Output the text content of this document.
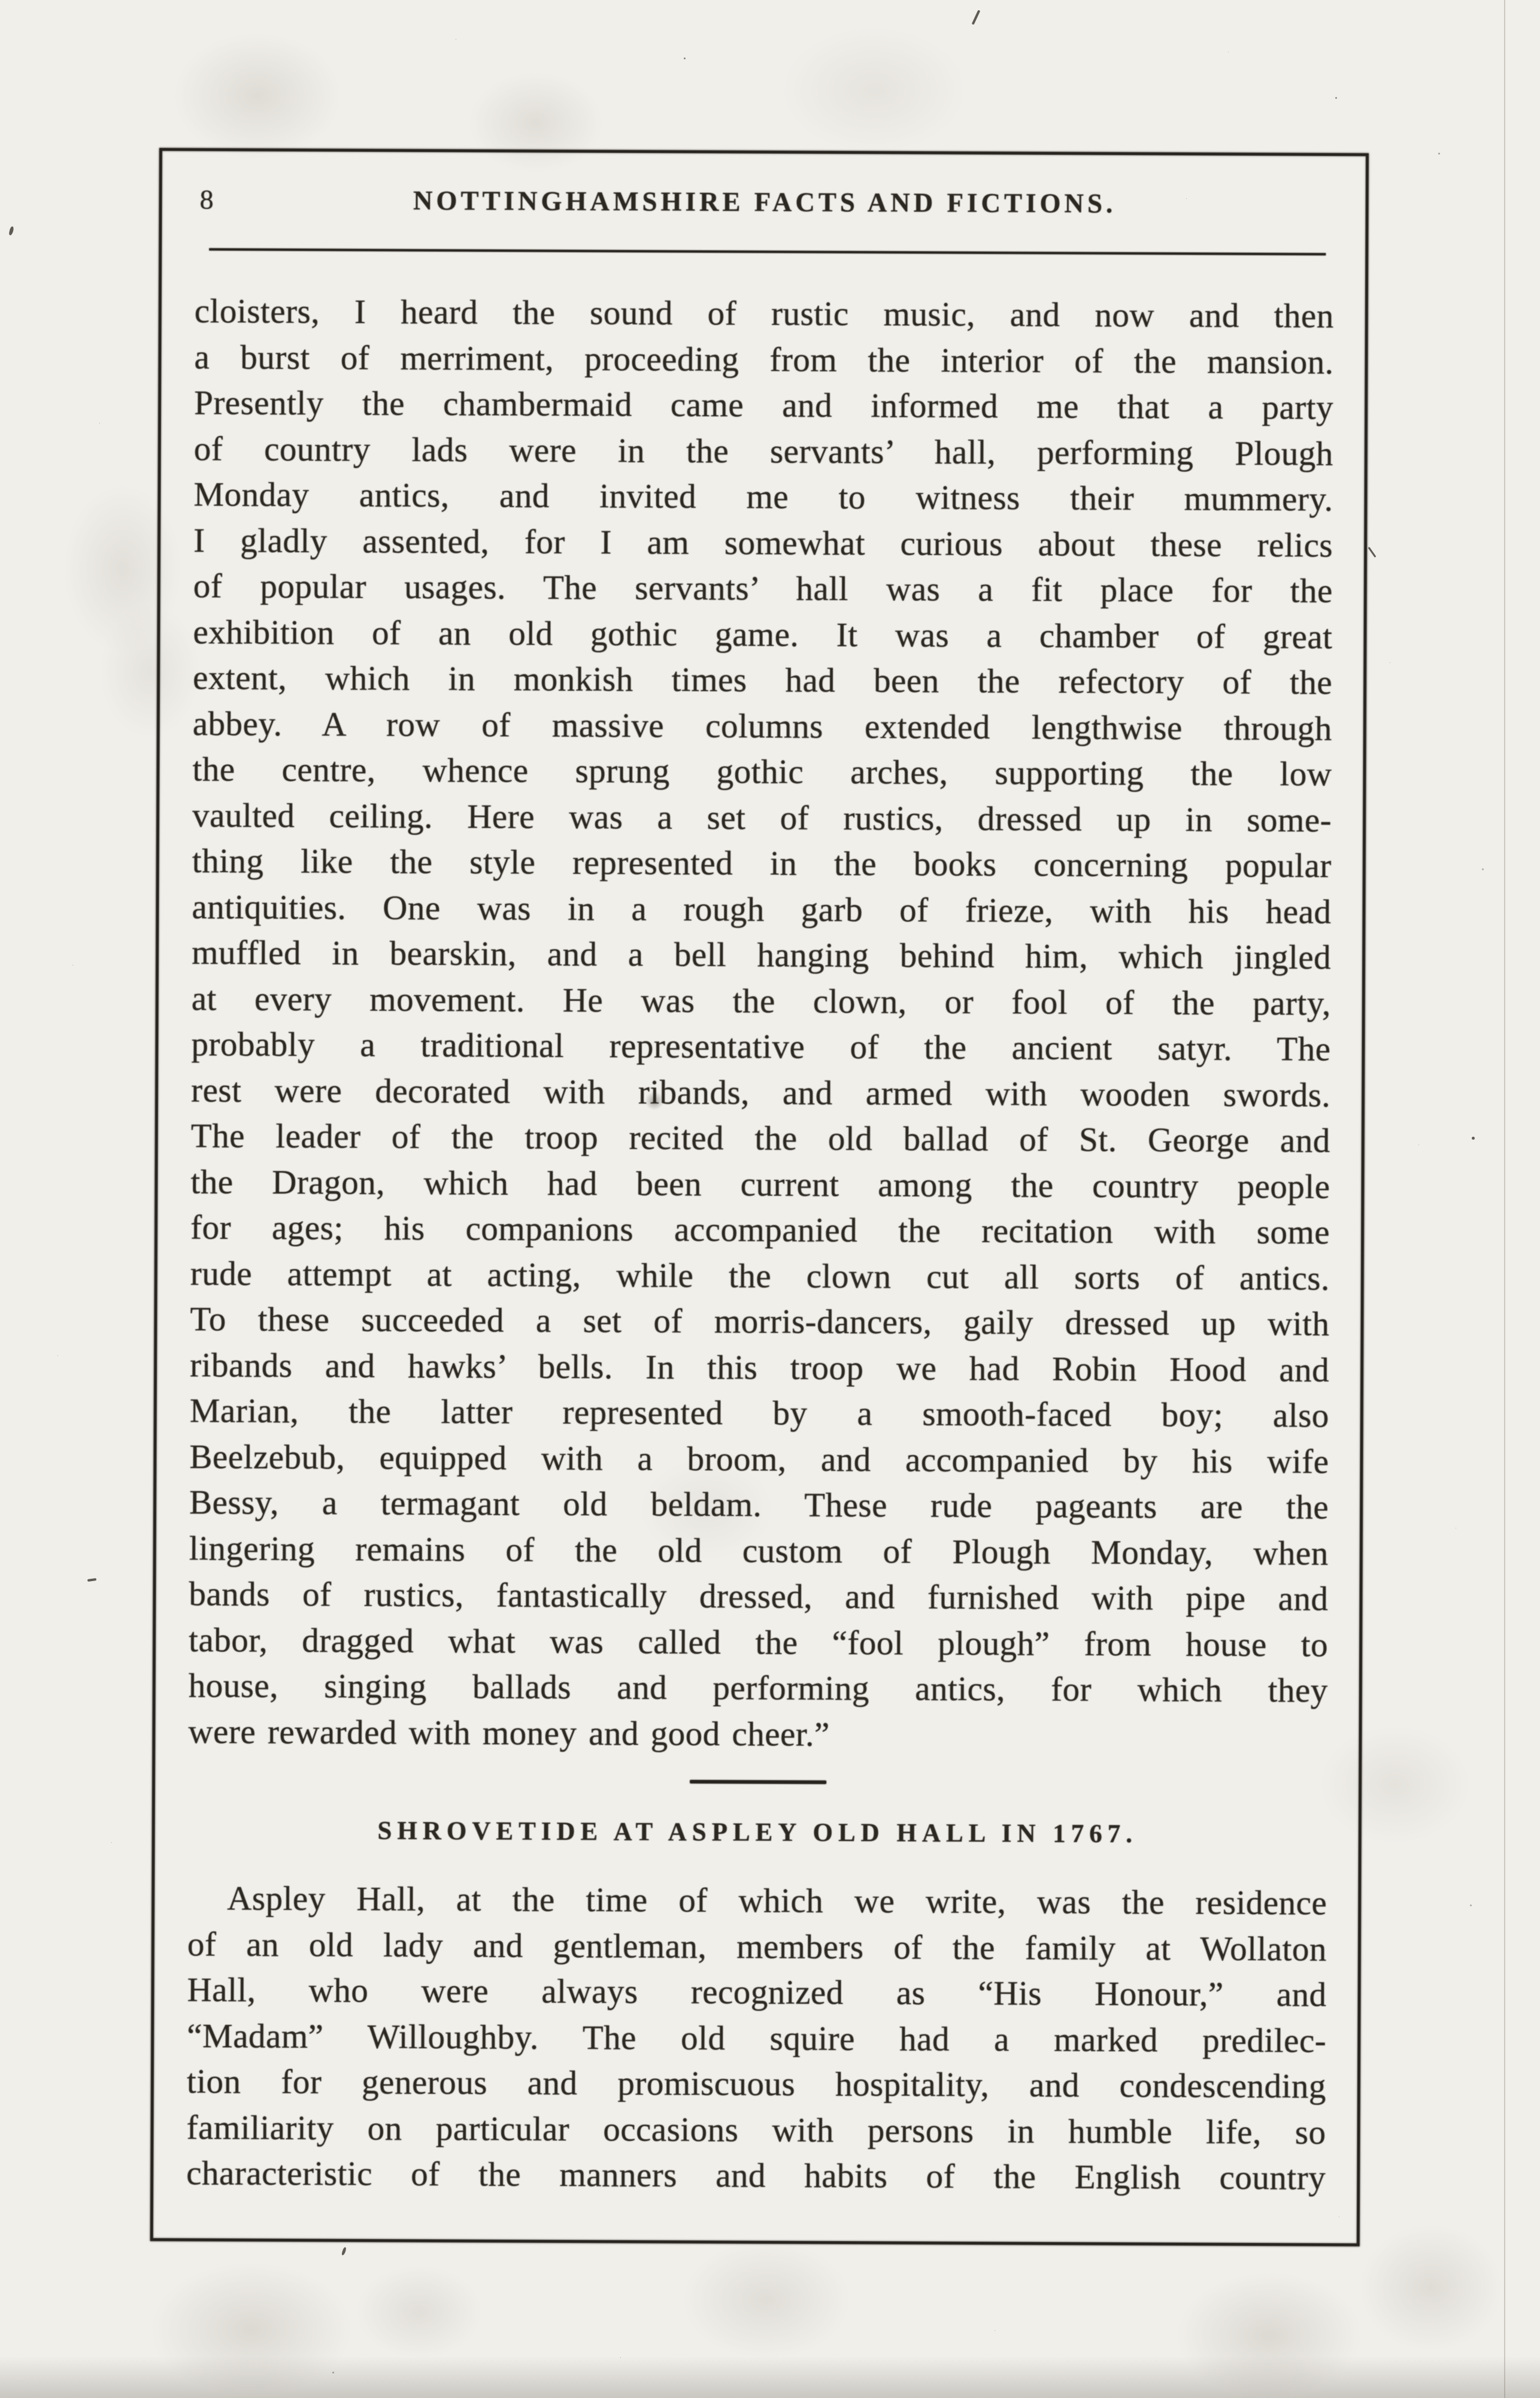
8	NOTTINGHAMSHIRE FACTS AND FICTIONS.
cloisters, I heard the sound of rustic music, and now and then
a burst of merriment, proceeding from the interior of the mansion.
Presently the chambermaid came and informed me that a party
of country lads were in the servants’ hall, performing Plough
Monday antics, and invited me to witness their mummery.
I gladly assented, for I am somewhat curious about these relics
of popular usages. The servants’ hall was a fit place for the
exhibition of an old gothic game. It was a chamber of great
extent, which in monkish times had been the refectory of the
abbey. A row of massive columns extended lengthwise through
the centre, whence sprung gothic arches, supporting the low
vaulted ceiling. Here was a set of rustics, dressed up in some-
thing like the style represented in the books concerning popular
antiquities. One was in a rough garb of frieze, with his head
muffled in bearskin, and a bell hanging behind him, which jingled
at every movement. He was the clown, or fool of the party,
probably a traditional representative of the ancient satyr. The
rest were decorated with ribands, and armed with wooden swords.
The leader of the troop recited the old ballad of St. George and
the Dragon, which had been current among the country people
for ages; his companions accompanied the recitation with some
rude attempt at acting, while the clown cut all sorts of antics.
To these succeeded a set of morris-dancers, gaily dressed up with
ribands and hawks’ bells. In this troop we had Robin Hood and
Marian, the latter represented by a smooth-faced boy; also
Beelzebub, equipped with a broom, and accompanied by his wife
Bessy, a termagant old beldam. These rude pageants are the
lingering remains of the old custom of Plough Monday, when
bands of rustics, fantastically dressed, and furnished with pipe and
tabor, dragged what was called the “fool plough” from house to
house, singing ballads and performing antics, for which they
were rewarded with money and good cheer.”
SHROVETIDE AT ASPLEY OLD HALL IN 1767.
Aspley Hall, at the time of which we write, was the residence
of an old lady and gentleman, members of the family at Wollaton
Hall, who were always recognized as “His Honour,” and
“Madam” Willoughby. The old squire had a marked predilec-
tion for generous and promiscuous hospitality, and condescending
familiarity on particular occasions with persons in humble life, so
characteristic of the manners and habits of the English country
